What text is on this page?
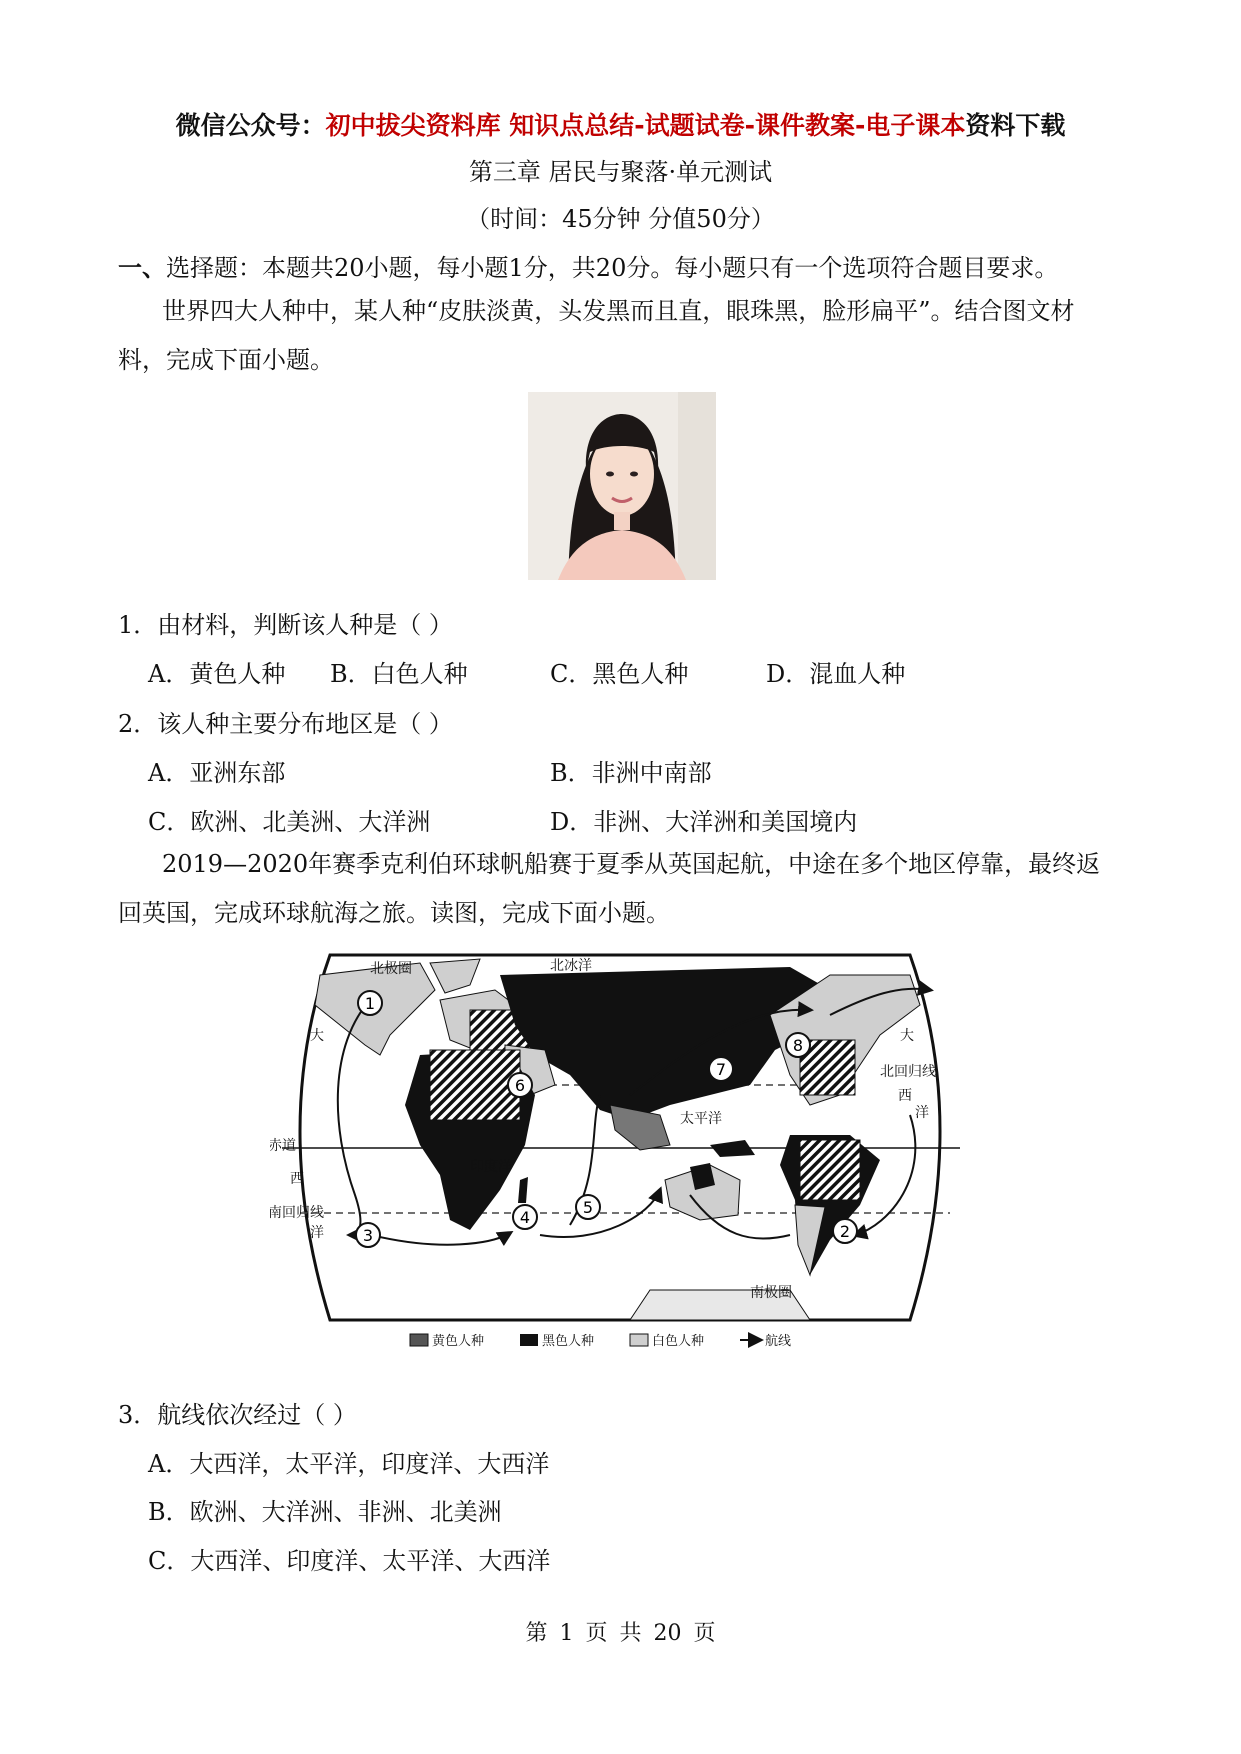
微信公众号：初中拔尖资料库 知识点总结-试题试卷-课件教案-电子课本资料下载
第三章 居民与聚落·单元测试
（时间：45分钟 分值50分）
一、选择题：本题共20小题，每小题1分，共20分。每小题只有一个选项符合题目要求。
世界四大人种中，某人种“皮肤淡黄，头发黑而且直，眼珠黑，脸形扁平”。结合图文材料，完成下面小题。
1．由材料，判断该人种是（ ）
A．黄色人种 B．白色人种	C．黑色人种	D．混血人种
2．该人种主要分布地区是（ ）
A．亚洲东部	B．非洲中南部
C．欧洲、北美洲、大洋洲	D．非洲、大洋洲和美国境内
2019—2020年赛季克利伯环球帆船赛于夏季从英国起航，中途在多个地区停靠，最终返回英国，完成环球航海之旅。读图，完成下面小题。
1
2
3
4
5
6
7
8
北极圈	北冰洋
太平洋
印度洋
赤道
北回归线
南回归线
南极圈
大
西
洋
大
西
洋
黄色人种	黑色人种	白色人种	航线
3．航线依次经过（ ）
A．大西洋，太平洋，印度洋、大西洋
B．欧洲、大洋洲、非洲、北美洲
C．大西洋、印度洋、太平洋、大西洋
第 1 页 共 20 页
